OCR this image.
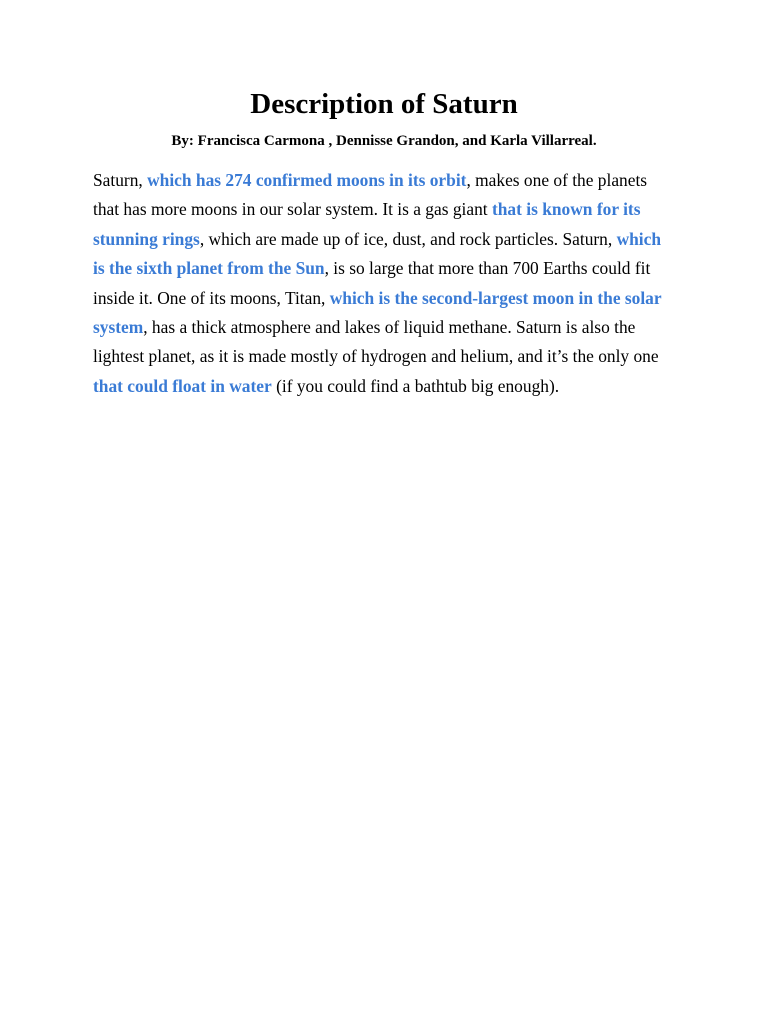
Description of Saturn

By: Francisca Carmona , Dennisse Grandon, and Karla Villarreal.

Saturn, which has 274 confirmed moons in its orbit, makes one of the planets that has more moons in our solar system. It is a gas giant that is known for its stunning rings, which are made up of ice, dust, and rock particles. Saturn, which is the sixth planet from the Sun, is so large that more than 700 Earths could fit inside it. One of its moons, Titan, which is the second-largest moon in the solar system, has a thick atmosphere and lakes of liquid methane. Saturn is also the lightest planet, as it is made mostly of hydrogen and helium, and it’s the only one that could float in water (if you could find a bathtub big enough).
